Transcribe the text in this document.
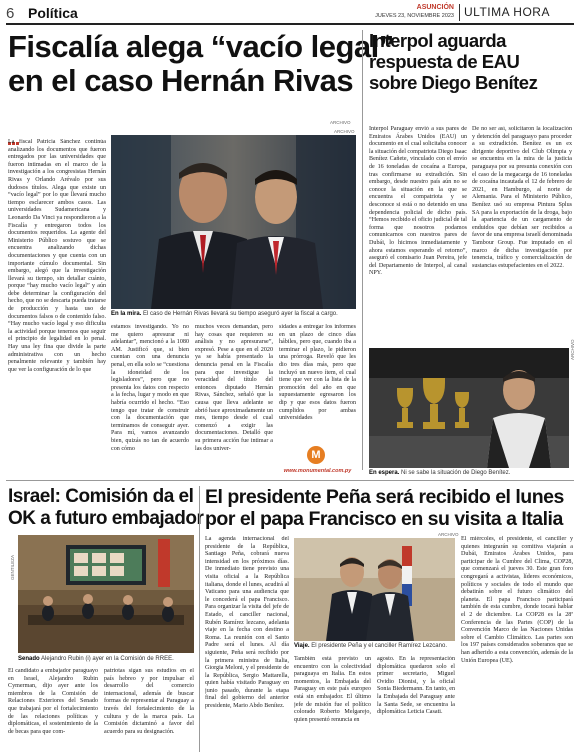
6 Política	ASUNCIÓN
JUEVES 23, NOVIEMBRE 2023 ULTIMA HORA
Fiscalía alega “vacío legal”
en el caso Hernán Rivas
La fiscal Patricia Sánchez continúa analizando los documentos que fueron entregados por las universidades que fueron intimadas en el marco de la investigación a los congresistas Hernán Rivas y Orlando Arévalo por sus dudosos títulos. Alega que existe un “vacío legal” por lo que llevará mucho tiempo esclarecer ambos casos. Las universidades Sudamericana y Leonardo Da Vinci ya respondieron a la Fiscalía y entregaron todos los documentos requeridos. La agente del Ministerio Público sostuvo que se encuentra analizando dichas documentaciones y que cuenta con un importante cúmulo documental. Sin embargo, alegó que la investigación llevará su tiempo, sin detallar cuánto, porque “hay mucho vacío legal” y aún debe determinar la configuración del hecho, que no se descarta pueda tratarse de producción y hasta uso de documentos falsos o de contenido falso. “Hay mucho vacío legal y eso dificulta la actividad porque tenemos que seguir el principio de legalidad en lo penal. Hay una ley fina que divide la parte administrativa con un hecho penalmente relevante y también hay que ver la configuración de lo que
ARCHIVO
En la mira. El caso de Hernán Rivas llevará su tiempo aseguró ayer la fiscal a cargo.
estamos investigando. Yo no me quiero apresurar ni adelantar”, mencionó a la 1080 AM. Justificó que, si bien cuentan con una denuncia penal, en ella solo se “cuestiona la idoneidad de los legisladores”, pero que no presenta los datos con respecto a la fecha, lugar y modo en que habría ocurrido el hecho. “Eso tengo que tratar de construir con la documentación que terminamos de conseguir ayer. Para mí, vamos avanzando bien, quizás no tan de acuerdo con cómo
muchos veces demandan, pero hay cosas que requieren su análisis y no apresurarse”, expresó. Pese a que en el 2020 ya se había presentado la denuncia penal en la Fiscalía para que investigue la veracidad del título del entonces diputado Hernán Rivas, Sánchez, señaló que la causa que lleva adelante se abrió hace aproximadamente un mes, tiempo desde el cual comenzó a exigir las documentaciones. Detalló que su primera acción fue intimar a las dos univer-
sidades a entregar los informes en un plazo de cinco días hábiles, pero que, cuando iba a terminar el plazo, le pidieron una prórroga. Reveló que les dio tres días más, pero que incluyó un nuevo ítem, el cual tiene que ver con la lista de la promoción del año en que supuestamente egresaron los dip y que esos datos fueron cumplidos por ambas universidades
M
www.monumental.com.py
Interpol aguarda
respuesta de EAU
sobre Diego Benítez
ARCHIVO
Interpol Paraguay envió a sus pares de Emiratos Árabes Unidos (EAU) un documento en el cual solicitaba conocer la situación del compatriota Diego Isaac Benítez Cañete, vinculado con el envío de 16 toneladas de cocaína a Europa, tras confirmarse su extradición. Sin embargo, desde nuestro país aún no se conoce la situación en la que se encuentra el compatriota y se desconoce si está o no detenido en una dependencia policial de dicho país. “Hemos recibido el oficio judicial de tal forma que nosotros podamos comunicarnos con nuestros pares de Dubái, lo hicimos inmediatamente y ahora estamos esperando el retorno”, aseguró el comisario Juan Pereira, jefe del Departamento de Interpol, al canal NPY.
De no ser así, solicitaron la localización y detención del paraguayo para proceder a su extradición. Benítez es un ex dirigente deportivo del Club Olimpia y se encuentra en la mira de la justicia paraguaya por su presunta conexión con el caso de la megacarga de 16 toneladas de cocaína incautada el 12 de febrero de 2021, en Hamburgo, al norte de Alemania. Para el Ministerio Público, Benítez usó su empresa Pintura Splus SA para la exportación de la droga, bajo la apariencia de un cargamento de enduidos que debían ser recibidos a favor de una empresa israelí denominada Tambour Group. Fue imputado en el marco de dicha investigación por tenencia, tráfico y comercialización de sustancias estupefacientes en el 2022.
ARCHIVO
En espera. Ni se sabe la situación de Diego Benítez.
Israel: Comisión da el
OK a futuro embajador
GENTILEZA
Senado Alejandro Rubin (i) ayer en la Comisión de RREE.
El candidato a embajador paraguayo en Israel, Alejandro Rubin Cymerman, dijo ayer ante los miembros de la Comisión de Relaciones Exteriores del Senado que trabajará por el fortalecimiento de las relaciones políticas y diplomáticas, el sostenimiento de la de becas para que com-
patriotas sigan sus estudios en el país hebreo y por impulsar el desarrollo del comercio internacional, además de buscar formas de representar al Paraguay a través del fortalecimiento de la cultura y de la marca país. La Comisión dictaminó a favor del acuerdo para su designación.
El presidente Peña será recibido el lunes
por el papa Francisco en su visita a Italia
La agenda internacional del presidente de la República, Santiago Peña, cobrará nueva intensidad en los próximos días. De inmediato tiene previsto una visita oficial a la República italiana, donde el lunes, acudirá al Vaticano para una audiencia que le concederá el papa Francisco. Para organizar la visita del jefe de Estado, el canciller nacional, Rubén Ramírez lezcano, adelanta viaje en la fecha con destino a Roma. La reunión con el Santo Padre será el lunes. Al día siguiente, Peña será recibido por la primera ministra de Italia, Giorgia Meloni, y el presidente de la República, Sergio Mattarella, quien había visitado Paraguay en junio pasado, durante la etapa final del gobierno del anterior presidente, Mario Abdo Benítez.
ARCHIVO
Viaje. El presidente Peña y el canciller Ramírez Lezcano.
También está previsto un encuentro con la colectividad paraguaya en Italia. En estos momentos, la Embajada del Paraguay en este país europeo está sin embajador. El último jefe de misión fue el político colorado Roberto Melgarejo, quien presentó renuncia en
agosto. En la representación diplomática quedaron solo el primer secretario, Miguel Ovidio Dionisi, y la oficial Sonia Biedermann. En tanto, en la Embajada del Paraguay ante la Santa Sede, se encuentra la diplomática Leticia Casati.
El miércoles, el presidente, el canciller y quienes integrarán su comitiva viajarán a Dubái, Emiratos Árabes Unidos, para participar de la Cumbre del Clima, COP28, que comenzará el jueves 30. Este gran foro congregará a activistas, líderes económicos, políticos y sociales de todo el mundo que debatirán sobre el futuro climático del planeta. El papa Francisco participará también de esta cumbre, donde tocará hablar el 2 de diciembre. La COP28 es la 28ª Conferencia de las Partes (COP) de la Convención Marco de las Naciones Unidas sobre el Cambio Climático. Las partes son los 197 países considerados soberanos que se han adherido a esta convención, además de la Unión Europea (UE).
